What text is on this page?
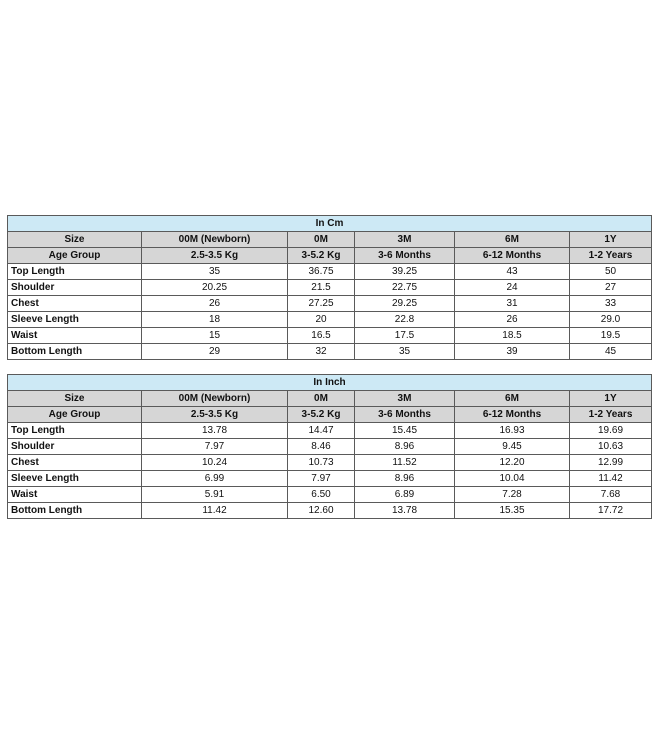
In Cm					
Size	00M (Newborn)	0M	3M	6M	1Y
Age Group	2.5-3.5 Kg	3-5.2 Kg	3-6 Months	6-12 Months	1-2 Years
Top Length	35	36.75	39.25	43	50
Shoulder	20.25	21.5	22.75	24	27
Chest	26	27.25	29.25	31	33
Sleeve Length	18	20	22.8	26	29.0
Waist	15	16.5	17.5	18.5	19.5
Bottom Length	29	32	35	39	45
In Inch					
Size	00M (Newborn)	0M	3M	6M	1Y
Age Group	2.5-3.5 Kg	3-5.2 Kg	3-6 Months	6-12 Months	1-2 Years
Top Length	13.78	14.47	15.45	16.93	19.69
Shoulder	7.97	8.46	8.96	9.45	10.63
Chest	10.24	10.73	11.52	12.20	12.99
Sleeve Length	6.99	7.97	8.96	10.04	11.42
Waist	5.91	6.50	6.89	7.28	7.68
Bottom Length	11.42	12.60	13.78	15.35	17.72
